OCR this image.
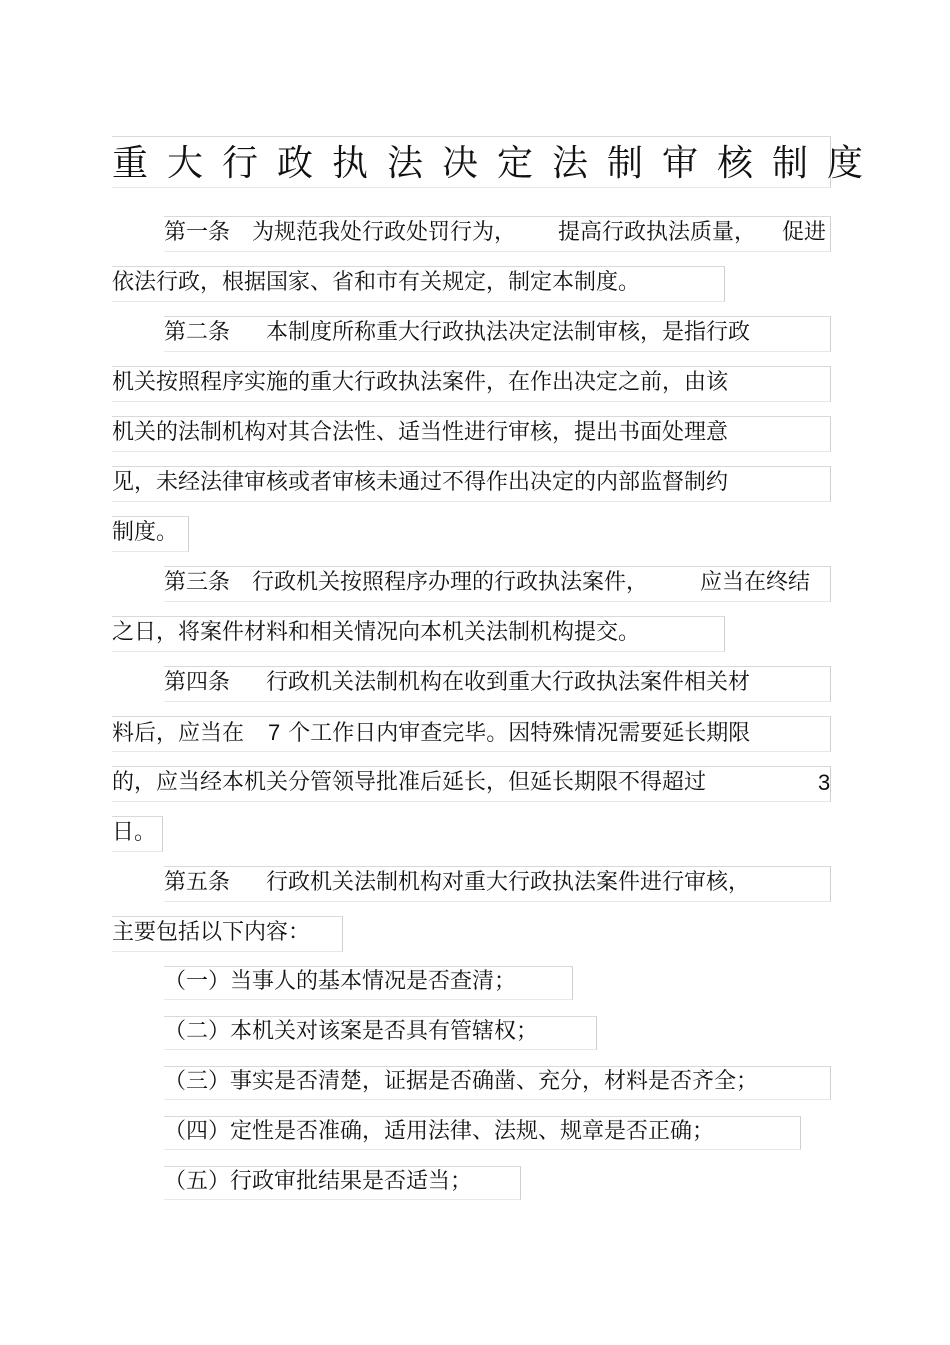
重大行政执法决定法制审核制度
第一条 为规范我处行政处罚行为， 提高行政执法质量， 促进
依法行政，根据国家、省和市有关规定，制定本制度。
第二条 本制度所称重大行政执法决定法制审核，是指行政
机关按照程序实施的重大行政执法案件，在作出决定之前，由该
机关的法制机构对其合法性、适当性进行审核，提出书面处理意
见，未经法律审核或者审核未通过不得作出决定的内部监督制约
制度。
第三条 行政机关按照程序办理的行政执法案件， 应当在终结
之日，将案件材料和相关情况向本机关法制机构提交。
第四条 行政机关法制机构在收到重大行政执法案件相关材
料后，应当在 7 个工作日内审查完毕。因特殊情况需要延长期限
的，应当经本机关分管领导批准后延长，但延长期限不得超过	3
日。
第五条 行政机关法制机构对重大行政执法案件进行审核，
主要包括以下内容：
（一）当事人的基本情况是否查清；
（二）本机关对该案是否具有管辖权；
（三）事实是否清楚，证据是否确凿、充分，材料是否齐全；
（四）定性是否准确，适用法律、法规、规章是否正确；
（五）行政审批结果是否适当；
